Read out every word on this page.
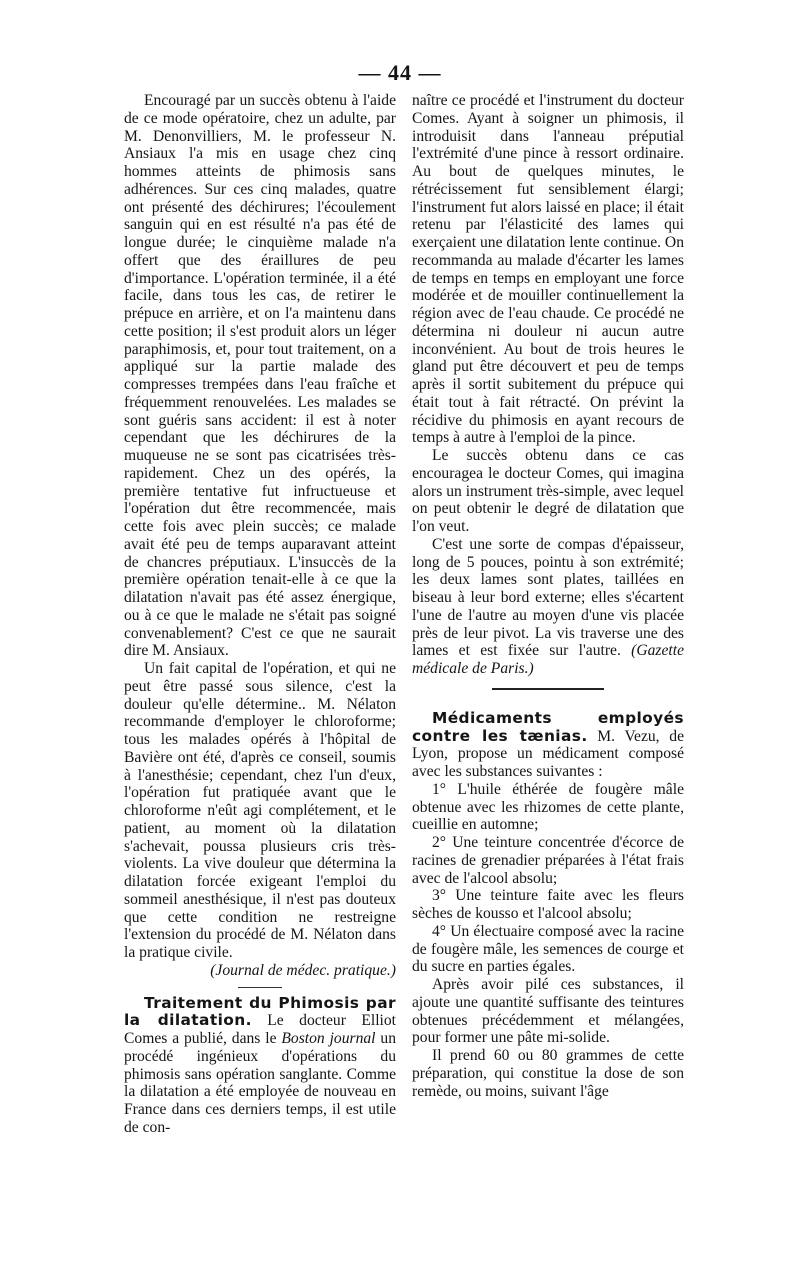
— 44 —

Encouragé par un succès obtenu à l'aide de ce mode opératoire, chez un adulte, par M. Denonvilliers, M. le professeur N. Ansiaux l'a mis en usage chez cinq hommes atteints de phimosis sans adhérences. Sur ces cinq malades, quatre ont présenté des déchirures; l'écoulement sanguin qui en est résulté n'a pas été de longue durée; le cinquième malade n'a offert que des éraillures de peu d'importance. L'opération terminée, il a été facile, dans tous les cas, de retirer le prépuce en arrière, et on l'a maintenu dans cette position; il s'est produit alors un léger paraphimosis, et, pour tout traitement, on a appliqué sur la partie malade des compresses trempées dans l'eau fraîche et fréquemment renouvelées. Les malades se sont guéris sans accident: il est à noter cependant que les déchirures de la muqueuse ne se sont pas cicatrisées très-rapidement. Chez un des opérés, la première tentative fut infructueuse et l'opération dut être recommencée, mais cette fois avec plein succès; ce malade avait été peu de temps auparavant atteint de chancres préputiaux. L'insuccès de la première opération tenait-elle à ce que la dilatation n'avait pas été assez énergique, ou à ce que le malade ne s'était pas soigné convenablement? C'est ce que ne saurait dire M. Ansiaux.

Un fait capital de l'opération, et qui ne peut être passé sous silence, c'est la douleur qu'elle détermine.. M. Nélaton recommande d'employer le chloroforme; tous les malades opérés à l'hôpital de Bavière ont été, d'après ce conseil, soumis à l'anesthésie; cependant, chez l'un d'eux, l'opération fut pratiquée avant que le chloroforme n'eût agi complétement, et le patient, au moment où la dilatation s'achevait, poussa plusieurs cris très-violents. La vive douleur que détermina la dilatation forcée exigeant l'emploi du sommeil anesthésique, il n'est pas douteux que cette condition ne restreigne l'extension du procédé de M. Nélaton dans la pratique civile.

(Journal de médec. pratique.)

Traitement du Phimosis par la dilatation. Le docteur Elliot Comes a publié, dans le Boston journal un procédé ingénieux d'opérations du phimosis sans opération sanglante. Comme la dilatation a été employée de nouveau en France dans ces derniers temps, il est utile de con-

naître ce procédé et l'instrument du docteur Comes. Ayant à soigner un phimosis, il introduisit dans l'anneau préputial l'extrémité d'une pince à ressort ordinaire. Au bout de quelques minutes, le rétrécissement fut sensiblement élargi; l'instrument fut alors laissé en place; il était retenu par l'élasticité des lames qui exerçaient une dilatation lente continue. On recommanda au malade d'écarter les lames de temps en temps en employant une force modérée et de mouiller continuellement la région avec de l'eau chaude. Ce procédé ne détermina ni douleur ni aucun autre inconvénient. Au bout de trois heures le gland put être découvert et peu de temps après il sortit subitement du prépuce qui était tout à fait rétracté. On prévint la récidive du phimosis en ayant recours de temps à autre à l'emploi de la pince.

Le succès obtenu dans ce cas encouragea le docteur Comes, qui imagina alors un instrument très-simple, avec lequel on peut obtenir le degré de dilatation que l'on veut.

C'est une sorte de compas d'épaisseur, long de 5 pouces, pointu à son extrémité; les deux lames sont plates, taillées en biseau à leur bord externe; elles s'écartent l'une de l'autre au moyen d'une vis placée près de leur pivot. La vis traverse une des lames et est fixée sur l'autre. (Gazette médicale de Paris.)

Médicaments employés contre les tænias. M. Vezu, de Lyon, propose un médicament composé avec les substances suivantes :

1° L'huile éthérée de fougère mâle obtenue avec les rhizomes de cette plante, cueillie en automne;

2° Une teinture concentrée d'écorce de racines de grenadier préparées à l'état frais avec de l'alcool absolu;

3° Une teinture faite avec les fleurs sèches de kousso et l'alcool absolu;

4° Un électuaire composé avec la racine de fougère mâle, les semences de courge et du sucre en parties égales.

Après avoir pilé ces substances, il ajoute une quantité suffisante des teintures obtenues précédemment et mélangées, pour former une pâte mi-solide.

Il prend 60 ou 80 grammes de cette préparation, qui constitue la dose de son remède, ou moins, suivant l'âge
